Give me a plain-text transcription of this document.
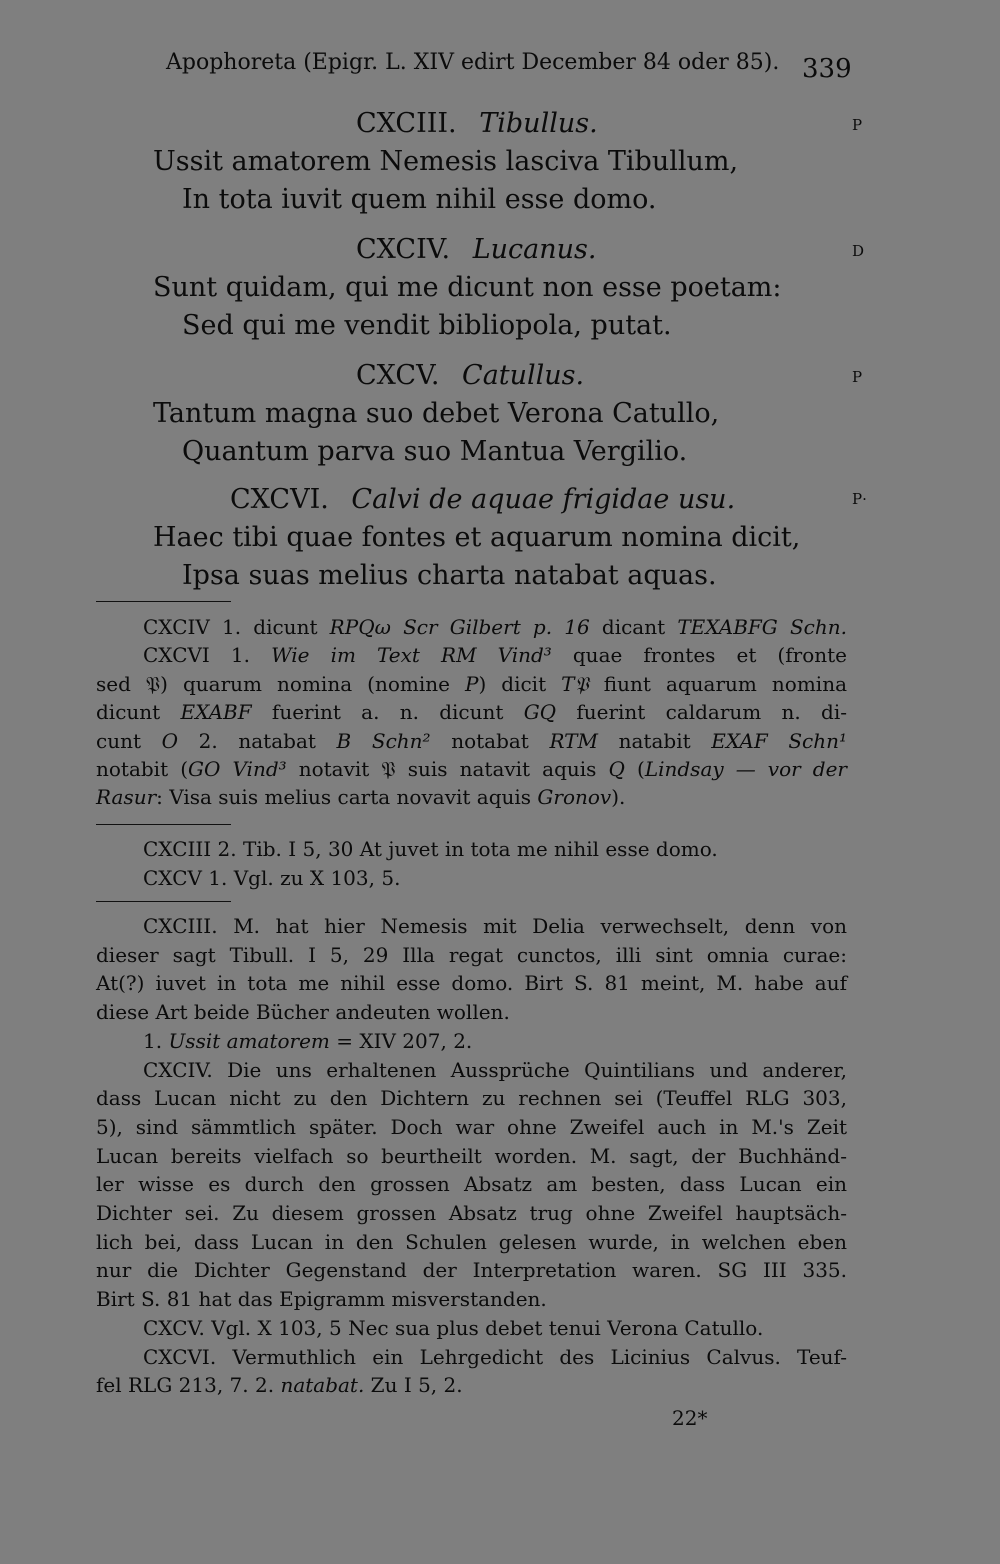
Apophoreta (Epigr. L. XIV edirt December 84 oder 85). 339
CXCIII. Tibullus.	P
Ussit amatorem Nemesis lasciva Tibullum,
In tota iuvit quem nihil esse domo.
CXCIV. Lucanus.	D
Sunt quidam, qui me dicunt non esse poetam:
Sed qui me vendit bibliopola, putat.
CXCV. Catullus.	P
Tantum magna suo debet Verona Catullo,
Quantum parva suo Mantua Vergilio.
CXCVI. Calvi de aquae frigidae usu.	P·
Haec tibi quae fontes et aquarum nomina dicit,
Ipsa suas melius charta natabat aquas.
CXCIV 1. dicunt RPQω Scr Gilbert p. 16 dicant TEXABFG Schn.
CXCVI 1. Wie im Text RM Vind³ quae frontes et (fronte
sed 𝔓) quarum nomina (nomine P) dicit T𝔓 fiunt aquarum nomina
dicunt EXABF fuerint a. n. dicunt GQ fuerint caldarum n. di-
cunt O 2. natabat B Schn² notabat RTM natabit EXAF Schn¹
notabit (GO Vind³ notavit 𝔓 suis natavit aquis Q (Lindsay — vor der
Rasur: Visa suis melius carta novavit aquis Gronov).
CXCIII 2. Tib. I 5, 30 At juvet in tota me nihil esse domo.
CXCV 1. Vgl. zu X 103, 5.
CXCIII. M. hat hier Nemesis mit Delia verwechselt, denn von
dieser sagt Tibull. I 5, 29 Illa regat cunctos, illi sint omnia curae:
At(?) iuvet in tota me nihil esse domo. Birt S. 81 meint, M. habe auf
diese Art beide Bücher andeuten wollen.
1. Ussit amatorem = XIV 207, 2.
CXCIV. Die uns erhaltenen Aussprüche Quintilians und anderer,
dass Lucan nicht zu den Dichtern zu rechnen sei (Teuffel RLG 303,
5), sind sämmtlich später. Doch war ohne Zweifel auch in M.'s Zeit
Lucan bereits vielfach so beurtheilt worden. M. sagt, der Buchhänd-
ler wisse es durch den grossen Absatz am besten, dass Lucan ein
Dichter sei. Zu diesem grossen Absatz trug ohne Zweifel hauptsäch-
lich bei, dass Lucan in den Schulen gelesen wurde, in welchen eben
nur die Dichter Gegenstand der Interpretation waren. SG III 335.
Birt S. 81 hat das Epigramm misverstanden.
CXCV. Vgl. X 103, 5 Nec sua plus debet tenui Verona Catullo.
CXCVI. Vermuthlich ein Lehrgedicht des Licinius Calvus. Teuf-
fel RLG 213, 7. 2. natabat. Zu I 5, 2.
22*
